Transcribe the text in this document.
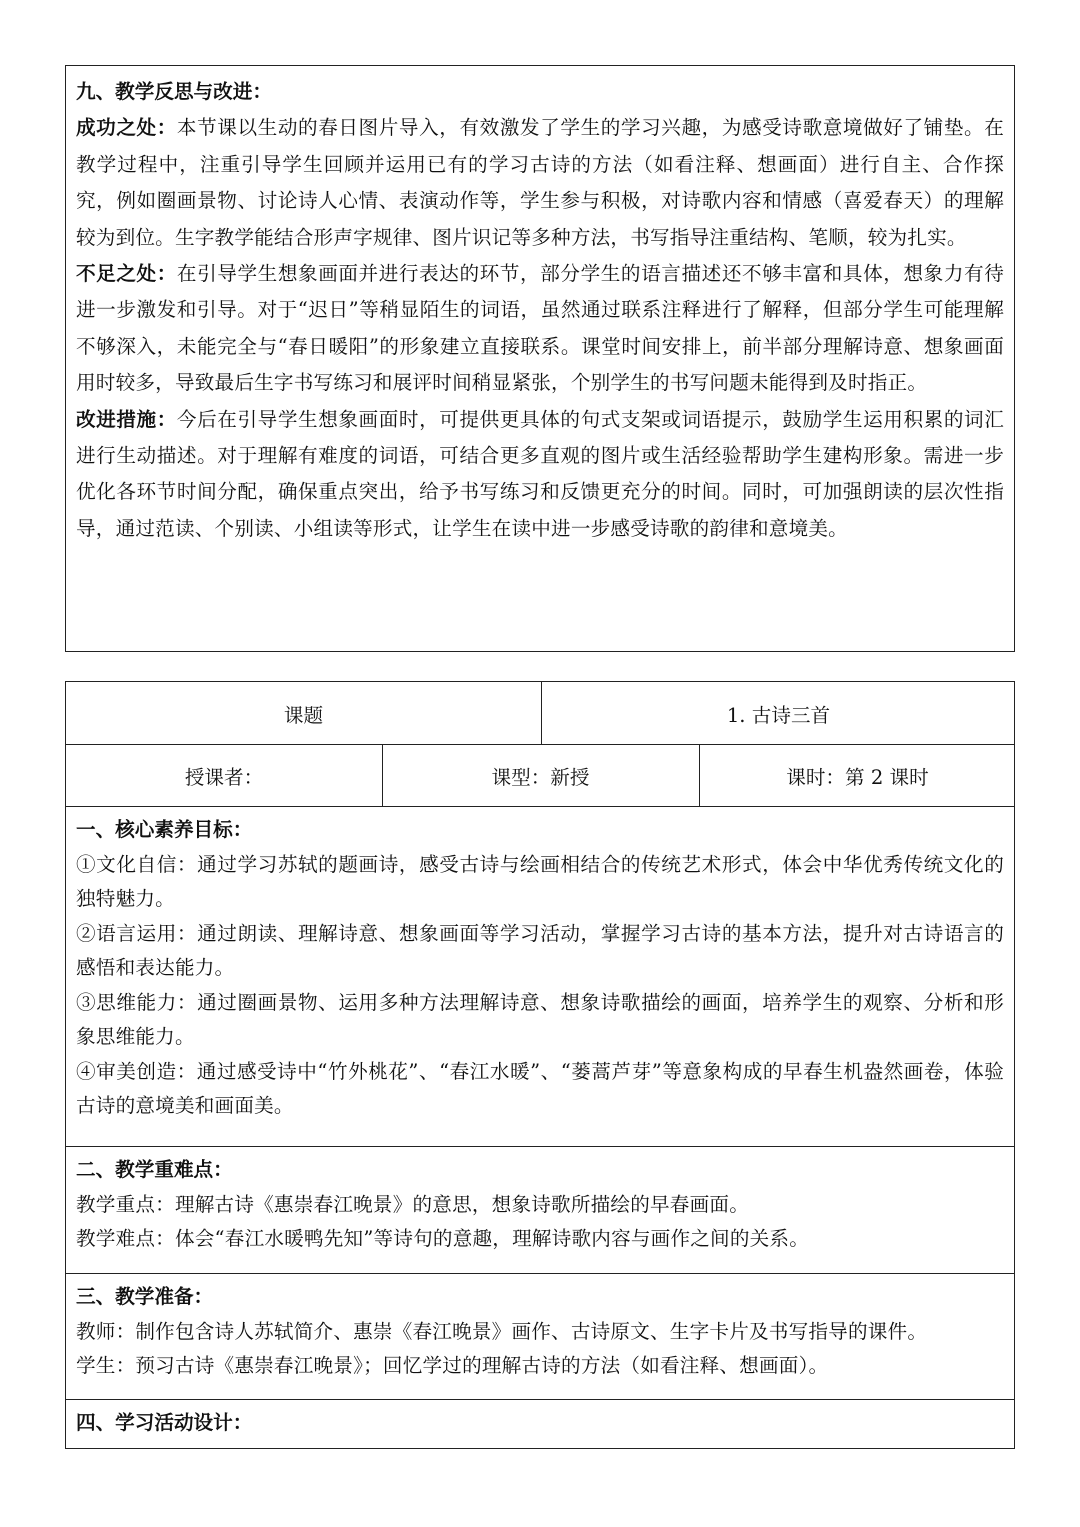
九、教学反思与改进：

成功之处：本节课以生动的春日图片导入，有效激发了学生的学习兴趣，为感受诗歌意境做好了铺垫。在教学过程中，注重引导学生回顾并运用已有的学习古诗的方法（如看注释、想画面）进行自主、合作探究，例如圈画景物、讨论诗人心情、表演动作等，学生参与积极，对诗歌内容和情感（喜爱春天）的理解较为到位。生字教学能结合形声字规律、图片识记等多种方法，书写指导注重结构、笔顺，较为扎实。

不足之处：在引导学生想象画面并进行表达的环节，部分学生的语言描述还不够丰富和具体，想象力有待进一步激发和引导。对于“迟日”等稍显陌生的词语，虽然通过联系注释进行了解释，但部分学生可能理解不够深入，未能完全与“春日暖阳”的形象建立直接联系。课堂时间安排上，前半部分理解诗意、想象画面用时较多，导致最后生字书写练习和展评时间稍显紧张，个别学生的书写问题未能得到及时指正。

改进措施：今后在引导学生想象画面时，可提供更具体的句式支架或词语提示，鼓励学生运用积累的词汇进行生动描述。对于理解有难度的词语，可结合更多直观的图片或生活经验帮助学生建构形象。需进一步优化各环节时间分配，确保重点突出，给予书写练习和反馈更充分的时间。同时，可加强朗读的层次性指导，通过范读、个别读、小组读等形式，让学生在读中进一步感受诗歌的韵律和意境美。

课题	1. 古诗三首
授课者：	课型：新授	课时：第 2 课时

一、核心素养目标：

①文化自信：通过学习苏轼的题画诗，感受古诗与绘画相结合的传统艺术形式，体会中华优秀传统文化的独特魅力。

②语言运用：通过朗读、理解诗意、想象画面等学习活动，掌握学习古诗的基本方法，提升对古诗语言的感悟和表达能力。

③思维能力：通过圈画景物、运用多种方法理解诗意、想象诗歌描绘的画面，培养学生的观察、分析和形象思维能力。

④审美创造：通过感受诗中“竹外桃花”、“春江水暖”、“蒌蒿芦芽”等意象构成的早春生机盎然画卷，体验古诗的意境美和画面美。

二、教学重难点：

教学重点：理解古诗《惠崇春江晚景》的意思，想象诗歌所描绘的早春画面。

教学难点：体会“春江水暖鸭先知”等诗句的意趣，理解诗歌内容与画作之间的关系。

三、教学准备：

教师：制作包含诗人苏轼简介、惠崇《春江晚景》画作、古诗原文、生字卡片及书写指导的课件。

学生：预习古诗《惠崇春江晚景》；回忆学过的理解古诗的方法（如看注释、想画面）。

四、学习活动设计：
